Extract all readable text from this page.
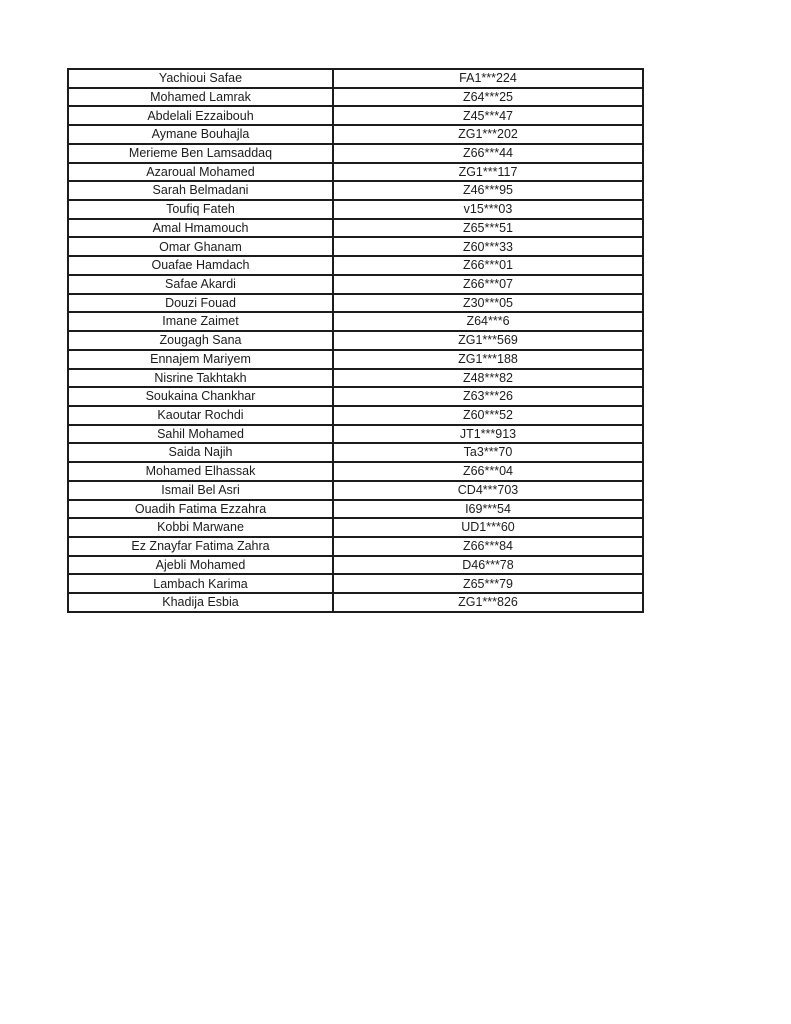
Yachioui Safae	FA1***224
Mohamed Lamrak	Z64***25
Abdelali Ezzaibouh	Z45***47
Aymane Bouhajla	ZG1***202
Merieme Ben Lamsaddaq	Z66***44
Azaroual Mohamed	ZG1***117
Sarah Belmadani	Z46***95
Toufiq Fateh	v15***03
Amal Hmamouch	Z65***51
Omar Ghanam	Z60***33
Ouafae Hamdach	Z66***01
Safae Akardi	Z66***07
Douzi Fouad	Z30***05
Imane Zaimet	Z64***6
Zougagh Sana	ZG1***569
Ennajem Mariyem	ZG1***188
Nisrine Takhtakh	Z48***82
Soukaina Chankhar	Z63***26
Kaoutar Rochdi	Z60***52
Sahil Mohamed	JT1***913
Saida Najih	Ta3***70
Mohamed Elhassak	Z66***04
Ismail Bel Asri	CD4***703
Ouadih Fatima Ezzahra	I69***54
Kobbi Marwane	UD1***60
Ez Znayfar Fatima Zahra	Z66***84
Ajebli Mohamed	D46***78
Lambach Karima	Z65***79
Khadija Esbia	ZG1***826
